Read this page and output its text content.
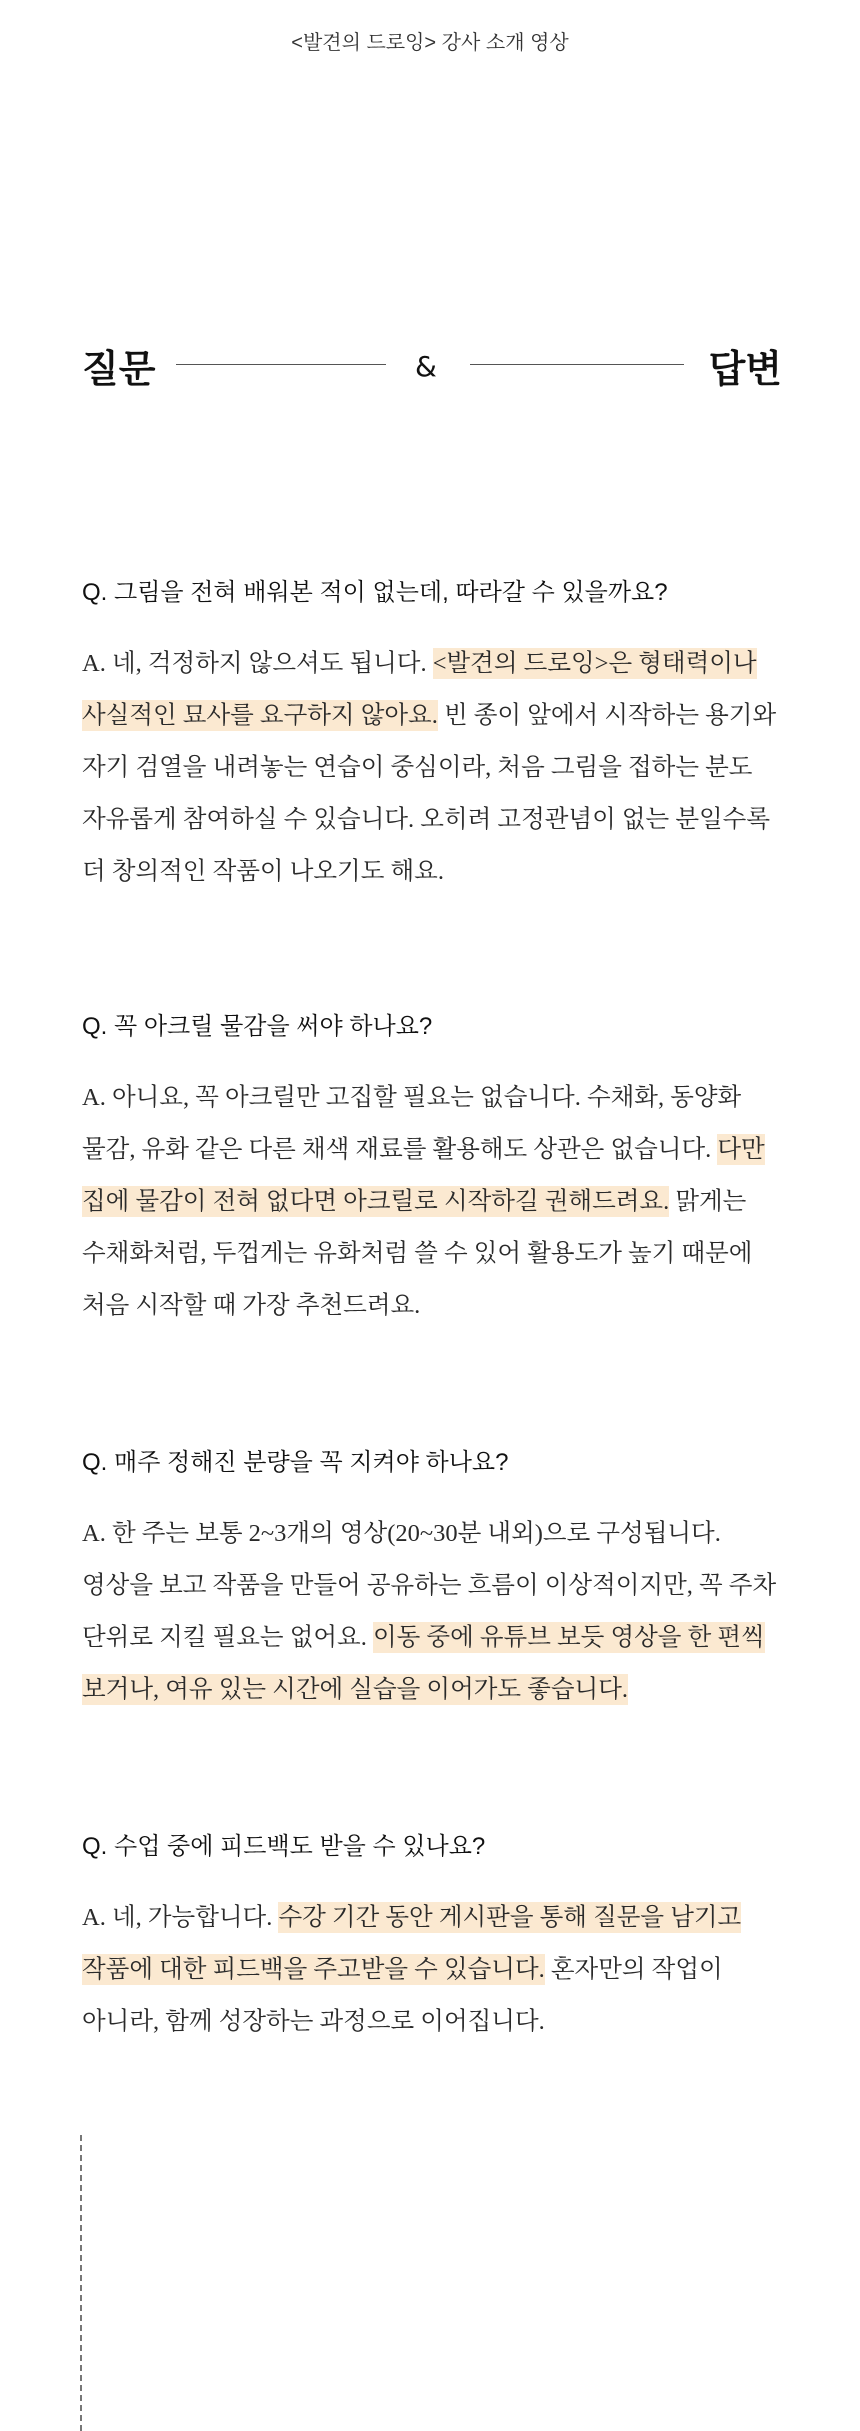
<발견의 드로잉> 강사 소개 영상
질문	&	답변

Q. 그림을 전혀 배워본 적이 없는데, 따라갈 수 있을까요?

A. 네, 걱정하지 않으셔도 됩니다. <발견의 드로잉>은 형태력이나 사실적인 묘사를 요구하지 않아요. 빈 종이 앞에서 시작하는 용기와 자기 검열을 내려놓는 연습이 중심이라, 처음 그림을 접하는 분도 자유롭게 참여하실 수 있습니다. 오히려 고정관념이 없는 분일수록 더 창의적인 작품이 나오기도 해요.

Q. 꼭 아크릴 물감을 써야 하나요?

A. 아니요, 꼭 아크릴만 고집할 필요는 없습니다. 수채화, 동양화 물감, 유화 같은 다른 채색 재료를 활용해도 상관은 없습니다. 다만 집에 물감이 전혀 없다면 아크릴로 시작하길 권해드려요. 맑게는 수채화처럼, 두껍게는 유화처럼 쓸 수 있어 활용도가 높기 때문에 처음 시작할 때 가장 추천드려요.

Q. 매주 정해진 분량을 꼭 지켜야 하나요?

A. 한 주는 보통 2~3개의 영상(20~30분 내외)으로 구성됩니다. 영상을 보고 작품을 만들어 공유하는 흐름이 이상적이지만, 꼭 주차 단위로 지킬 필요는 없어요. 이동 중에 유튜브 보듯 영상을 한 편씩 보거나, 여유 있는 시간에 실습을 이어가도 좋습니다.

Q. 수업 중에 피드백도 받을 수 있나요?

A. 네, 가능합니다. 수강 기간 동안 게시판을 통해 질문을 남기고 작품에 대한 피드백을 주고받을 수 있습니다. 혼자만의 작업이 아니라, 함께 성장하는 과정으로 이어집니다.
